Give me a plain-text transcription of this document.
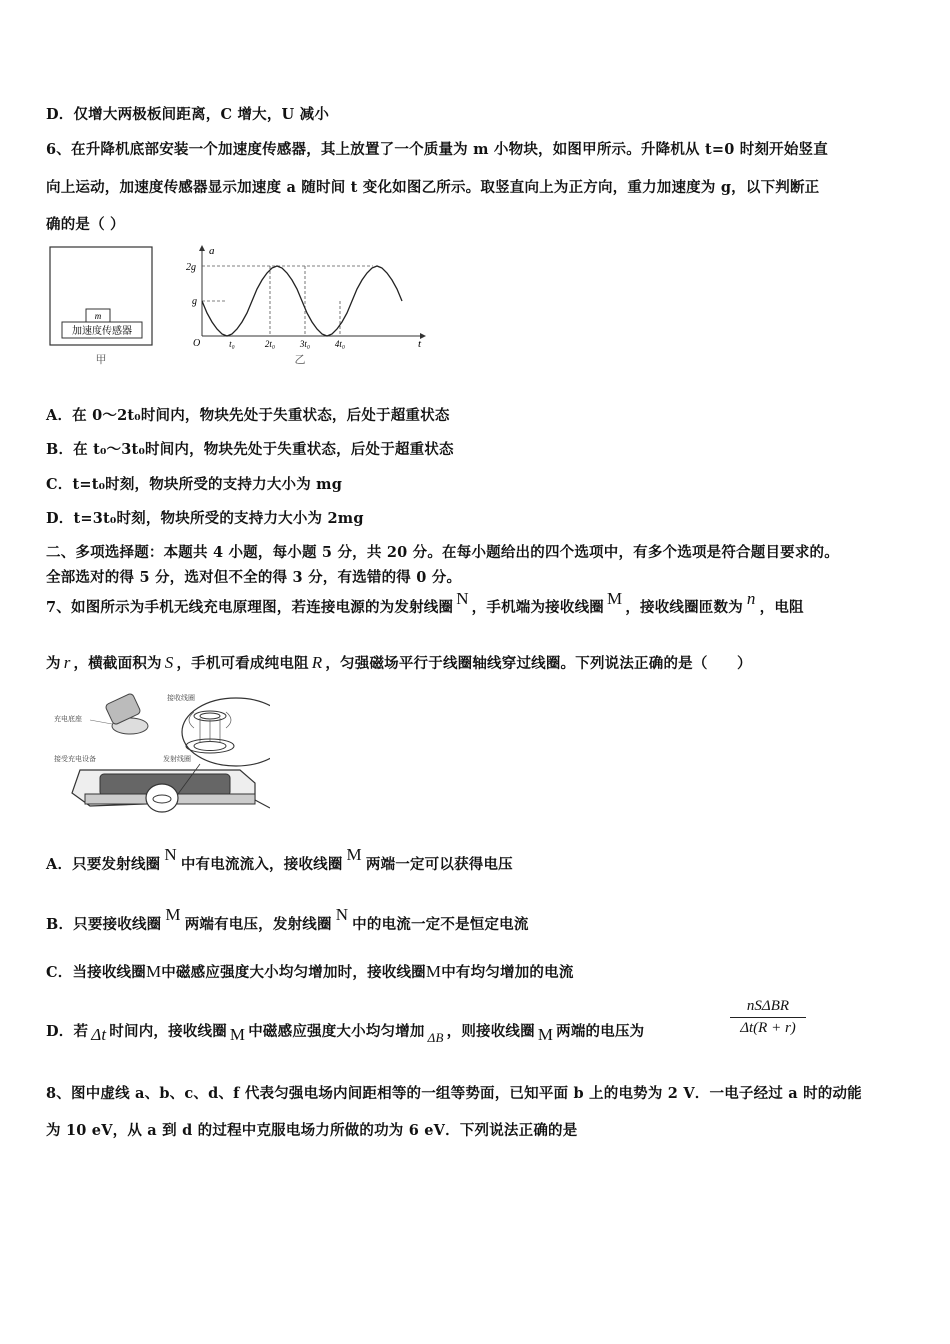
D．仅增大两极板间距离，C 增大，U 减小
6、在升降机底部安装一个加速度传感器，其上放置了一个质量为 m 小物块，如图甲所示。升降机从 t=0 时刻开始竖直
向上运动，加速度传感器显示加速度 a 随时间 t 变化如图乙所示。取竖直向上为正方向，重力加速度为 g，以下判断正
确的是（ ）
m
加速度传感器
甲
a
t
O
2g
g
t₀	2t₀	3t₀	4t₀
乙
A．在 0～2t₀时间内，物块先处于失重状态，后处于超重状态
B．在 t₀～3t₀时间内，物块先处于失重状态，后处于超重状态
C．t=t₀时刻，物块所受的支持力大小为 mg
D．t=3t₀时刻，物块所受的支持力大小为 2mg
二、多项选择题：本题共 4 小题，每小题 5 分，共 20 分。在每小题给出的四个选项中，有多个选项是符合题目要求的。
全部选对的得 5 分，选对但不全的得 3 分，有选错的得 0 分。
7、如图所示为手机无线充电原理图，若连接电源的为发射线圈 N ，手机端为接收线圈 M ，接收线圈匝数为 n ，电阻
为 r ，横截面积为 S ，手机可看成纯电阻 R ，匀强磁场平行于线圈轴线穿过线圈。下列说法正确的是（　　）
充电底座
接收线圈
发射线圈
接受充电设备
A．只要发射线圈N中有电流流入，接收线圈M两端一定可以获得电压
B．只要接收线圈M两端有电压，发射线圈N中的电流一定不是恒定电流
C．当接收线圈M中磁感应强度大小均匀增加时，接收线圈M中有均匀增加的电流
D．若 Δt 时间内，接收线圈 M 中磁感应强度大小均匀增加 ΔB ，则接收线圈 M 两端的电压为
nSΔBR
Δt(R + r)
8、图中虚线 a、b、c、d、f 代表匀强电场内间距相等的一组等势面，已知平面 b 上的电势为 2 V．一电子经过 a 时的动能
为 10 eV，从 a 到 d 的过程中克服电场力所做的功为 6 eV．下列说法正确的是
